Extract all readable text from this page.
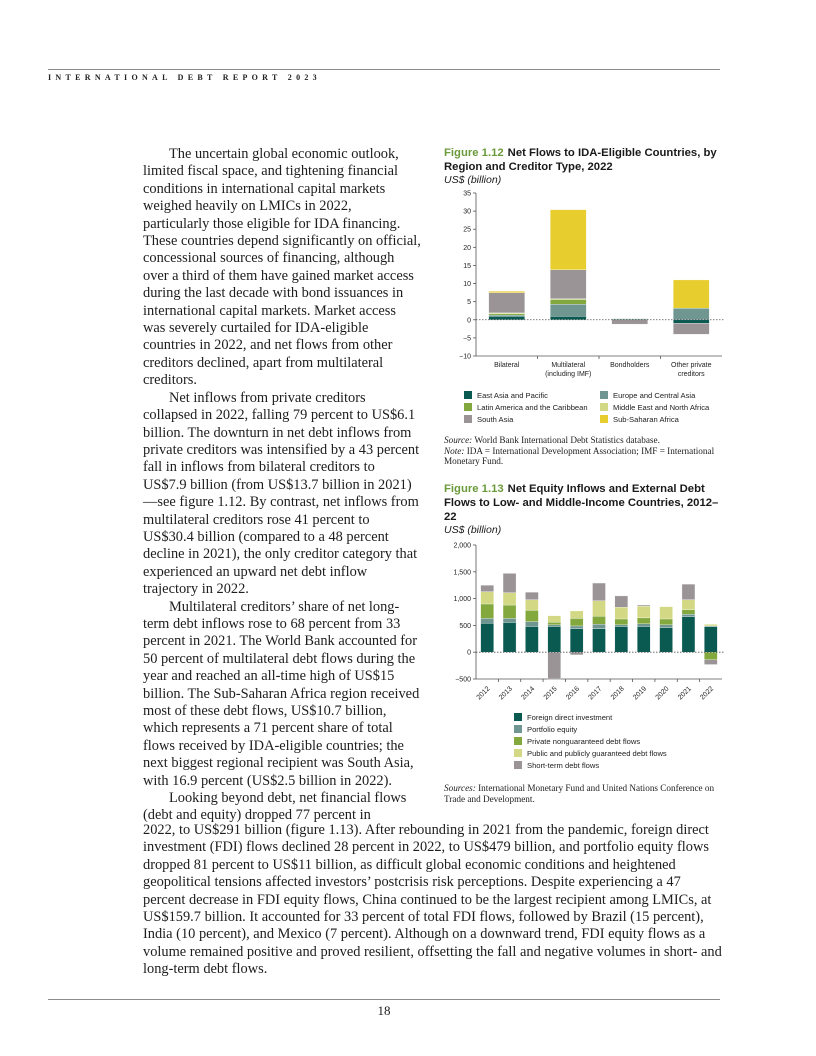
INTERNATIONAL DEBT REPORT 2023

The uncertain global economic outlook, limited fiscal space, and tightening financial conditions in international capital markets weighed heavily on LMICs in 2022, particularly those eligible for IDA financing. These countries depend significantly on official, concessional sources of financing, although over a third of them have gained market access during the last decade with bond issuances in international capital markets. Market access was severely curtailed for IDA-eligible countries in 2022, and net flows from other creditors declined, apart from multilateral creditors.

Net inflows from private creditors collapsed in 2022, falling 79 percent to US$6.1 billion. The downturn in net debt inflows from private creditors was intensified by a 43 percent fall in inflows from bilateral creditors to US$7.9 billion (from US$13.7 billion in 2021)—see figure 1.12. By contrast, net inflows from multilateral creditors rose 41 percent to US$30.4 billion (compared to a 48 percent decline in 2021), the only creditor category that experienced an upward net debt inflow trajectory in 2022.

Multilateral creditors’ share of net long-term debt inflows rose to 68 percent from 33 percent in 2021. The World Bank accounted for 50 percent of multilateral debt flows during the year and reached an all-time high of US$15 billion. The Sub-Saharan Africa region received most of these debt flows, US$10.7 billion, which represents a 71 percent share of total flows received by IDA-eligible countries; the next biggest regional recipient was South Asia, with 16.9 percent (US$2.5 billion in 2022).

Looking beyond debt, net financial flows (debt and equity) dropped 77 percent in

2022, to US$291 billion (figure 1.13). After rebounding in 2021 from the pandemic, foreign direct investment (FDI) flows declined 28 percent in 2022, to US$479 billion, and portfolio equity flows dropped 81 percent to US$11 billion, as difficult global economic conditions and heightened geopolitical tensions affected investors’ postcrisis risk perceptions. Despite experiencing a 47 percent decrease in FDI equity flows, China continued to be the largest recipient among LMICs, at US$159.7 billion. It accounted for 33 percent of total FDI flows, followed by Brazil (15 percent), India (10 percent), and Mexico (7 percent). Although on a downward trend, FDI equity flows as a volume remained positive and proved resilient, offsetting the fall and negative volumes in short- and long-term debt flows.

Figure 1.12 Net Flows to IDA-Eligible Countries, by Region and Creditor Type, 2022
US$ (billion)
−10
−5
0
5
10
15
20
25
30
35
Bilateral	Multilateral
(including IMF)
Bondholders	Other private
creditors
East Asia and Pacific	Europe and Central Asia
Latin America and the Caribbean	Middle East and North Africa
South Asia	Sub-Saharan Africa
Source: World Bank International Debt Statistics database.
Note: IDA = International Development Association; IMF = International Monetary Fund.
Figure 1.13 Net Equity Inflows and External Debt Flows to Low- and Middle-Income Countries, 2012–22
US$ (billion)
−500
0
500
1,000
1,500
2,000
2012 2013 2014 2015 2016 2017 2018 2019 2020 2021 2022
Foreign direct investment
Portfolio equity
Private nonguaranteed debt flows
Public and publicly guaranteed debt flows
Short-term debt flows
Sources: International Monetary Fund and United Nations Conference on Trade and Development.
18
